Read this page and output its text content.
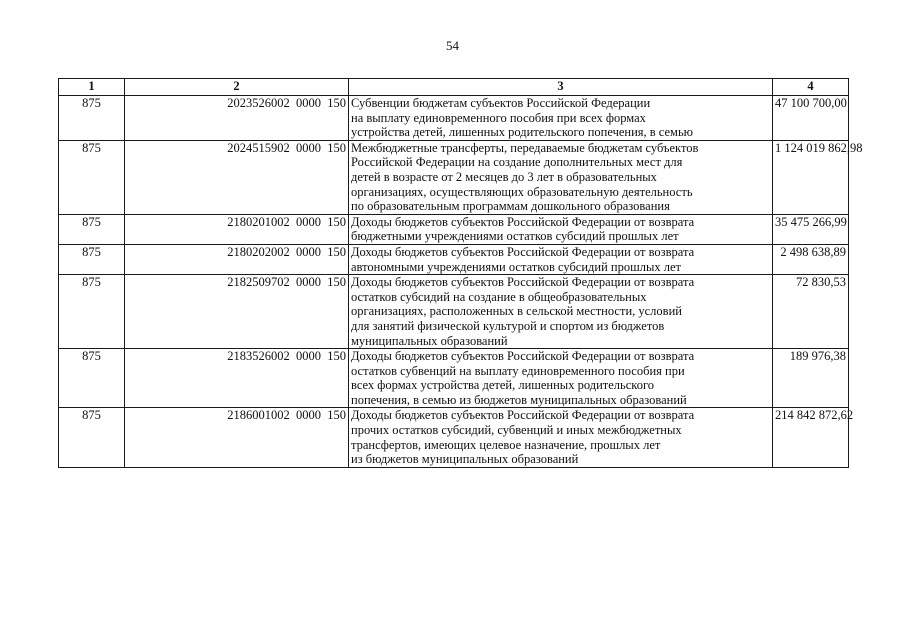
54
1	2	3	4
875	2023526002  0000  150	Субвенции бюджетам субъектов Российской Федерации
на выплату единовременного пособия при всех формах
устройства детей, лишенных родительского попечения, в семью	47 100 700,00
875	2024515902  0000  150	Межбюджетные трансферты, передаваемые бюджетам субъектов
Российской Федерации на создание дополнительных мест для
детей в возрасте от 2 месяцев до 3 лет в образовательных
организациях, осуществляющих образовательную деятельность
по образовательным программам дошкольного образования	1 124 019 862,98
875	2180201002  0000  150	Доходы бюджетов субъектов Российской Федерации от возврата
бюджетными учреждениями остатков субсидий прошлых лет	35 475 266,99
875	2180202002  0000  150	Доходы бюджетов субъектов Российской Федерации от возврата
автономными учреждениями остатков субсидий прошлых лет	2 498 638,89
875	2182509702  0000  150	Доходы бюджетов субъектов Российской Федерации от возврата
остатков субсидий на создание в общеобразовательных
организациях, расположенных в сельской местности, условий
для занятий физической культурой и спортом из бюджетов
муниципальных образований	72 830,53
875	2183526002  0000  150	Доходы бюджетов субъектов Российской Федерации от возврата
остатков субвенций на выплату единовременного пособия при
всех формах устройства детей, лишенных родительского
попечения, в семью из бюджетов муниципальных образований	189 976,38
875	2186001002  0000  150	Доходы бюджетов субъектов Российской Федерации от возврата
прочих остатков субсидий, субвенций и иных межбюджетных
трансфертов, имеющих целевое назначение, прошлых лет
из бюджетов муниципальных образований	214 842 872,62
